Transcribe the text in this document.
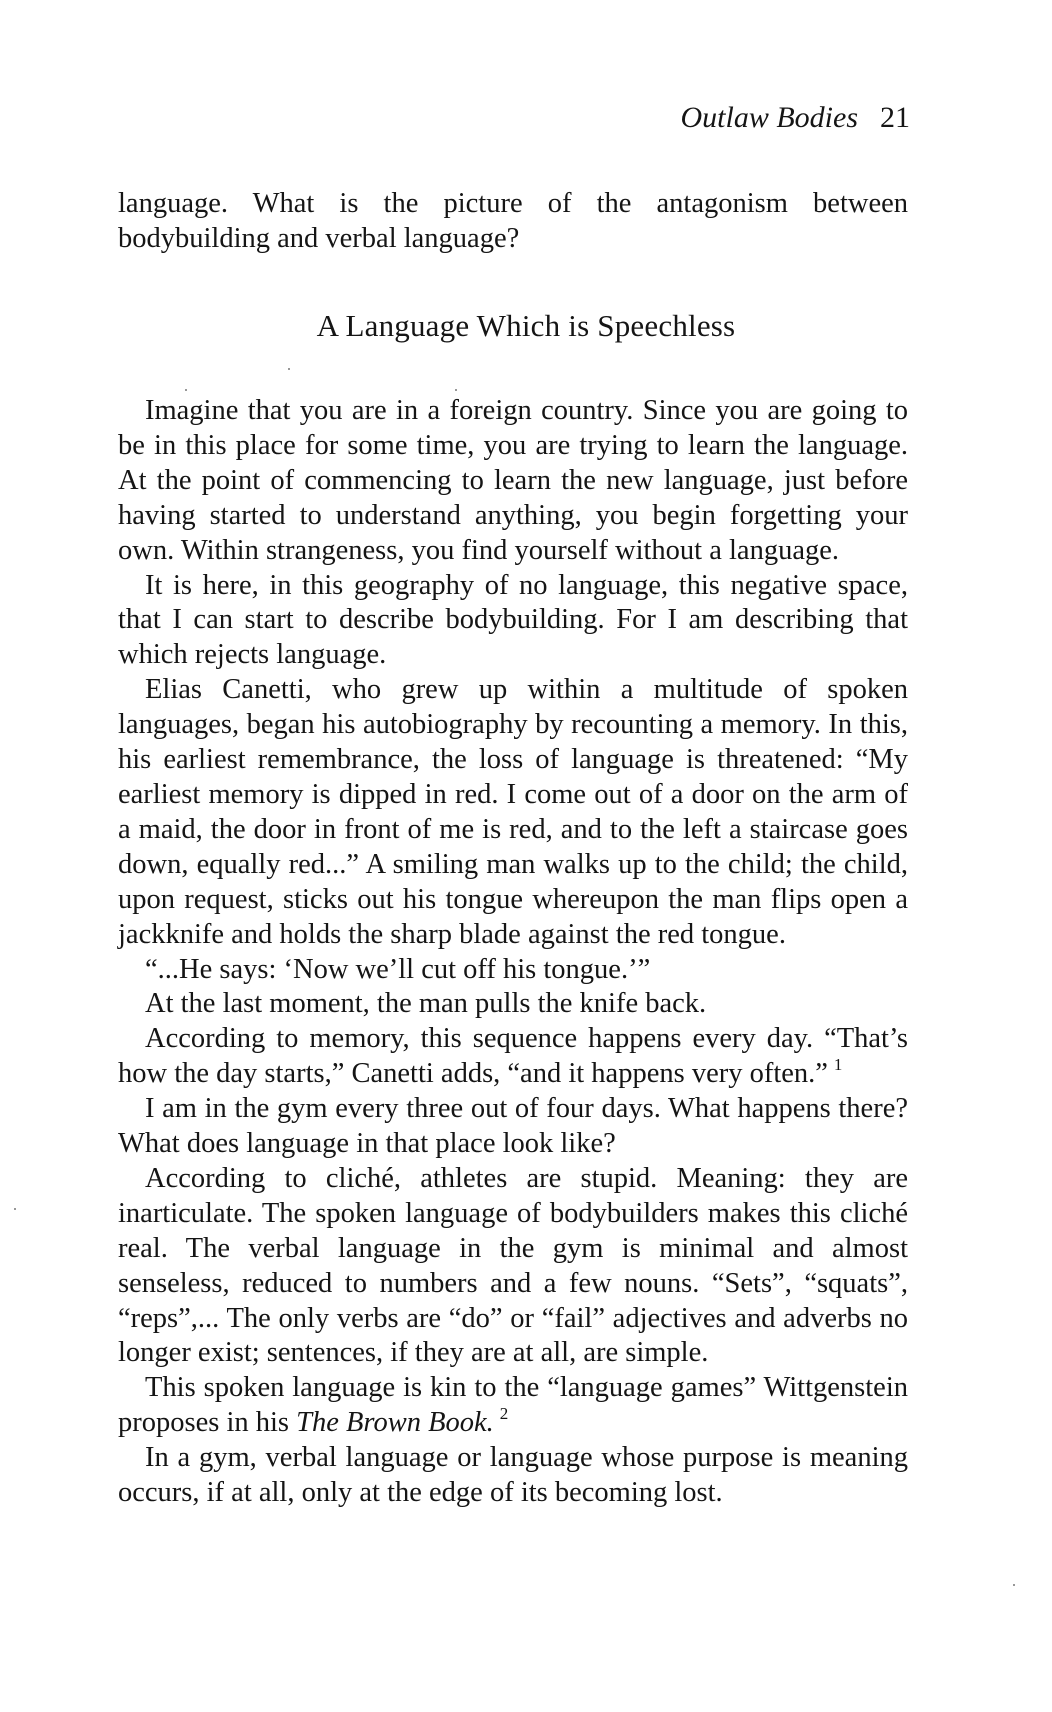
Outlaw Bodies 21

language. What is the picture of the antagonism between bodybuilding and verbal language?

A Language Which is Speechless

Imagine that you are in a foreign country. Since you are going to be in this place for some time, you are trying to learn the language. At the point of commencing to learn the new language, just before having started to understand anything, you begin forgetting your own. Within strangeness, you find yourself without a language.

It is here, in this geography of no language, this negative space, that I can start to describe bodybuilding. For I am describing that which rejects language.

Elias Canetti, who grew up within a multitude of spoken languages, began his autobiography by recounting a memory. In this, his earliest remembrance, the loss of language is threatened: “My earliest memory is dipped in red. I come out of a door on the arm of a maid, the door in front of me is red, and to the left a staircase goes down, equally red...” A smiling man walks up to the child; the child, upon request, sticks out his tongue whereupon the man flips open a jackknife and holds the sharp blade against the red tongue.

“...He says: ‘Now we’ll cut off his tongue.’”

At the last moment, the man pulls the knife back.

According to memory, this sequence happens every day. “That’s how the day starts,” Canetti adds, “and it happens very often.” $^1$

I am in the gym every three out of four days. What happens there? What does language in that place look like?

According to cliché, athletes are stupid. Meaning: they are inarticulate. The spoken language of bodybuilders makes this cliché real. The verbal language in the gym is minimal and almost senseless, reduced to numbers and a few nouns. “Sets”, “squats”, “reps”,... The only verbs are “do” or “fail” adjectives and adverbs no longer exist; sentences, if they are at all, are simple.

This spoken language is kin to the “language games” Wittgenstein proposes in his The Brown Book. $^2$

In a gym, verbal language or language whose purpose is meaning occurs, if at all, only at the edge of its becoming lost.
